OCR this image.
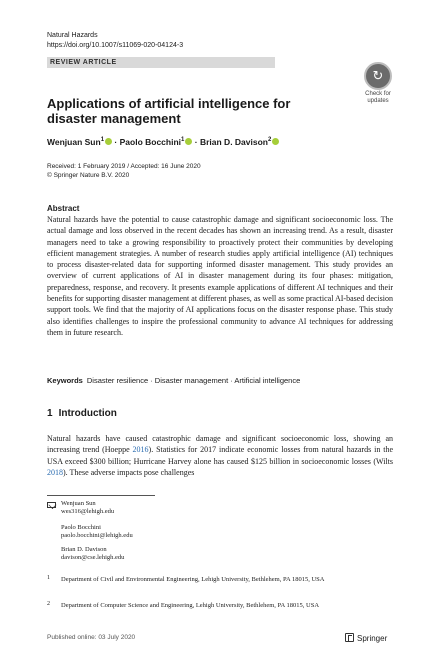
Natural Hazards
https://doi.org/10.1007/s11069-020-04124-3
REVIEW ARTICLE
↻
Check for
updates
Applications of artificial intelligence for disaster management
Wenjuan Sun$^1$ · Paolo Bocchini$^1$ · Brian D. Davison$^2$
Received: 1 February 2019 / Accepted: 16 June 2020
© Springer Nature B.V. 2020
Abstract
Natural hazards have the potential to cause catastrophic damage and significant socioeconomic loss. The actual damage and loss observed in the recent decades has shown an increasing trend. As a result, disaster managers need to take a growing responsibility to proactively protect their communities by developing efficient management strategies. A number of research studies apply artificial intelligence (AI) techniques to process disaster-related data for supporting informed disaster management. This study provides an overview of current applications of AI in disaster management during its four phases: mitigation, preparedness, response, and recovery. It presents example applications of different AI techniques and their benefits for supporting disaster management at different phases, as well as some practical AI-based decision support tools. We find that the majority of AI applications focus on the disaster response phase. This study also identifies challenges to inspire the professional community to advance AI techniques for addressing them in future research.
Keywords Disaster resilience · Disaster management · Artificial intelligence
1 Introduction
Natural hazards have caused catastrophic damage and significant socioeconomic loss, showing an increasing trend (Hoeppe 2016). Statistics for 2017 indicate economic losses from natural hazards in the USA exceed $300 billion; Hurricane Harvey alone has caused $125 billion in socioeconomic losses (Wilts 2018). These adverse impacts pose challenges
Wenjuan Sun
wes316@lehigh.edu
Paolo Bocchini
paolo.bocchini@lehigh.edu
Brian D. Davison
davison@cse.lehigh.edu
1 Department of Civil and Environmental Engineering, Lehigh University, Bethlehem, PA 18015, USA
2 Department of Computer Science and Engineering, Lehigh University, Bethlehem, PA 18015, USA
Published online: 03 July 2020	Springer
